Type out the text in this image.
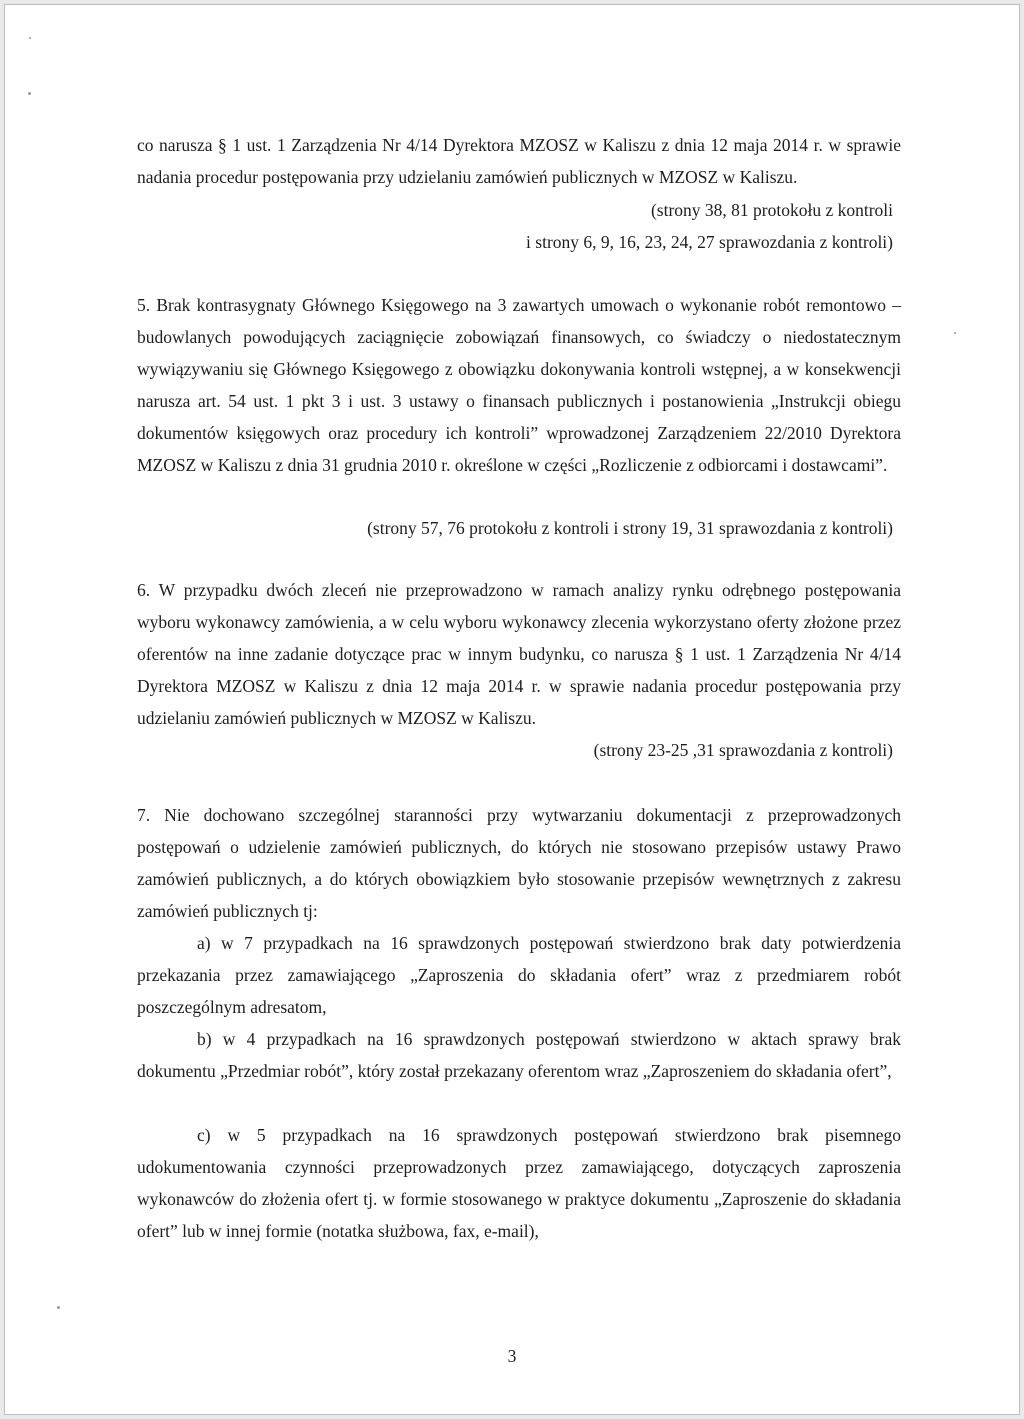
co narusza § 1 ust. 1 Zarządzenia Nr 4/14 Dyrektora MZOSZ w Kaliszu z dnia 12 maja 2014 r. w sprawie nadania procedur postępowania przy udzielaniu zamówień publicznych w MZOSZ w Kaliszu.
(strony 38, 81 protokołu z kontroli
i strony 6, 9, 16, 23, 24, 27 sprawozdania z kontroli)
5. Brak kontrasygnaty Głównego Księgowego na 3 zawartych umowach o wykonanie robót remontowo – budowlanych powodujących zaciągnięcie zobowiązań finansowych, co świadczy o niedostatecznym wywiązywaniu się Głównego Księgowego z obowiązku dokonywania kontroli wstępnej, a w konsekwencji narusza art. 54 ust. 1 pkt 3 i ust. 3 ustawy o finansach publicznych i postanowienia „Instrukcji obiegu dokumentów księgowych oraz procedury ich kontroli” wprowadzonej Zarządzeniem 22/2010 Dyrektora MZOSZ w Kaliszu z dnia 31 grudnia 2010 r. określone w części „Rozliczenie z odbiorcami i dostawcami”.
(strony 57, 76 protokołu z kontroli i strony 19, 31 sprawozdania z kontroli)
6. W przypadku dwóch zleceń nie przeprowadzono w ramach analizy rynku odrębnego postępowania wyboru wykonawcy zamówienia, a w celu wyboru wykonawcy zlecenia wykorzystano oferty złożone przez oferentów na inne zadanie dotyczące prac w innym budynku, co narusza § 1 ust. 1 Zarządzenia Nr 4/14 Dyrektora MZOSZ w Kaliszu z dnia 12 maja 2014 r. w sprawie nadania procedur postępowania przy udzielaniu zamówień publicznych w MZOSZ w Kaliszu.
(strony 23-25 ,31 sprawozdania z kontroli)
7. Nie dochowano szczególnej staranności przy wytwarzaniu dokumentacji z przeprowadzonych postępowań o udzielenie zamówień publicznych, do których nie stosowano przepisów ustawy Prawo zamówień publicznych, a do których obowiązkiem było stosowanie przepisów wewnętrznych z zakresu zamówień publicznych tj:
a) w 7 przypadkach na 16 sprawdzonych postępowań stwierdzono brak daty potwierdzenia przekazania przez zamawiającego „Zaproszenia do składania ofert” wraz z przedmiarem robót poszczególnym adresatom,
b) w 4 przypadkach na 16 sprawdzonych postępowań stwierdzono w aktach sprawy brak dokumentu „Przedmiar robót”, który został przekazany oferentom wraz „Zaproszeniem do składania ofert”,
c) w 5 przypadkach na 16 sprawdzonych postępowań stwierdzono brak pisemnego udokumentowania czynności przeprowadzonych przez zamawiającego, dotyczących zaproszenia wykonawców do złożenia ofert tj. w formie stosowanego w praktyce dokumentu „Zaproszenie do składania ofert” lub w innej formie (notatka służbowa, fax, e-mail),
3
